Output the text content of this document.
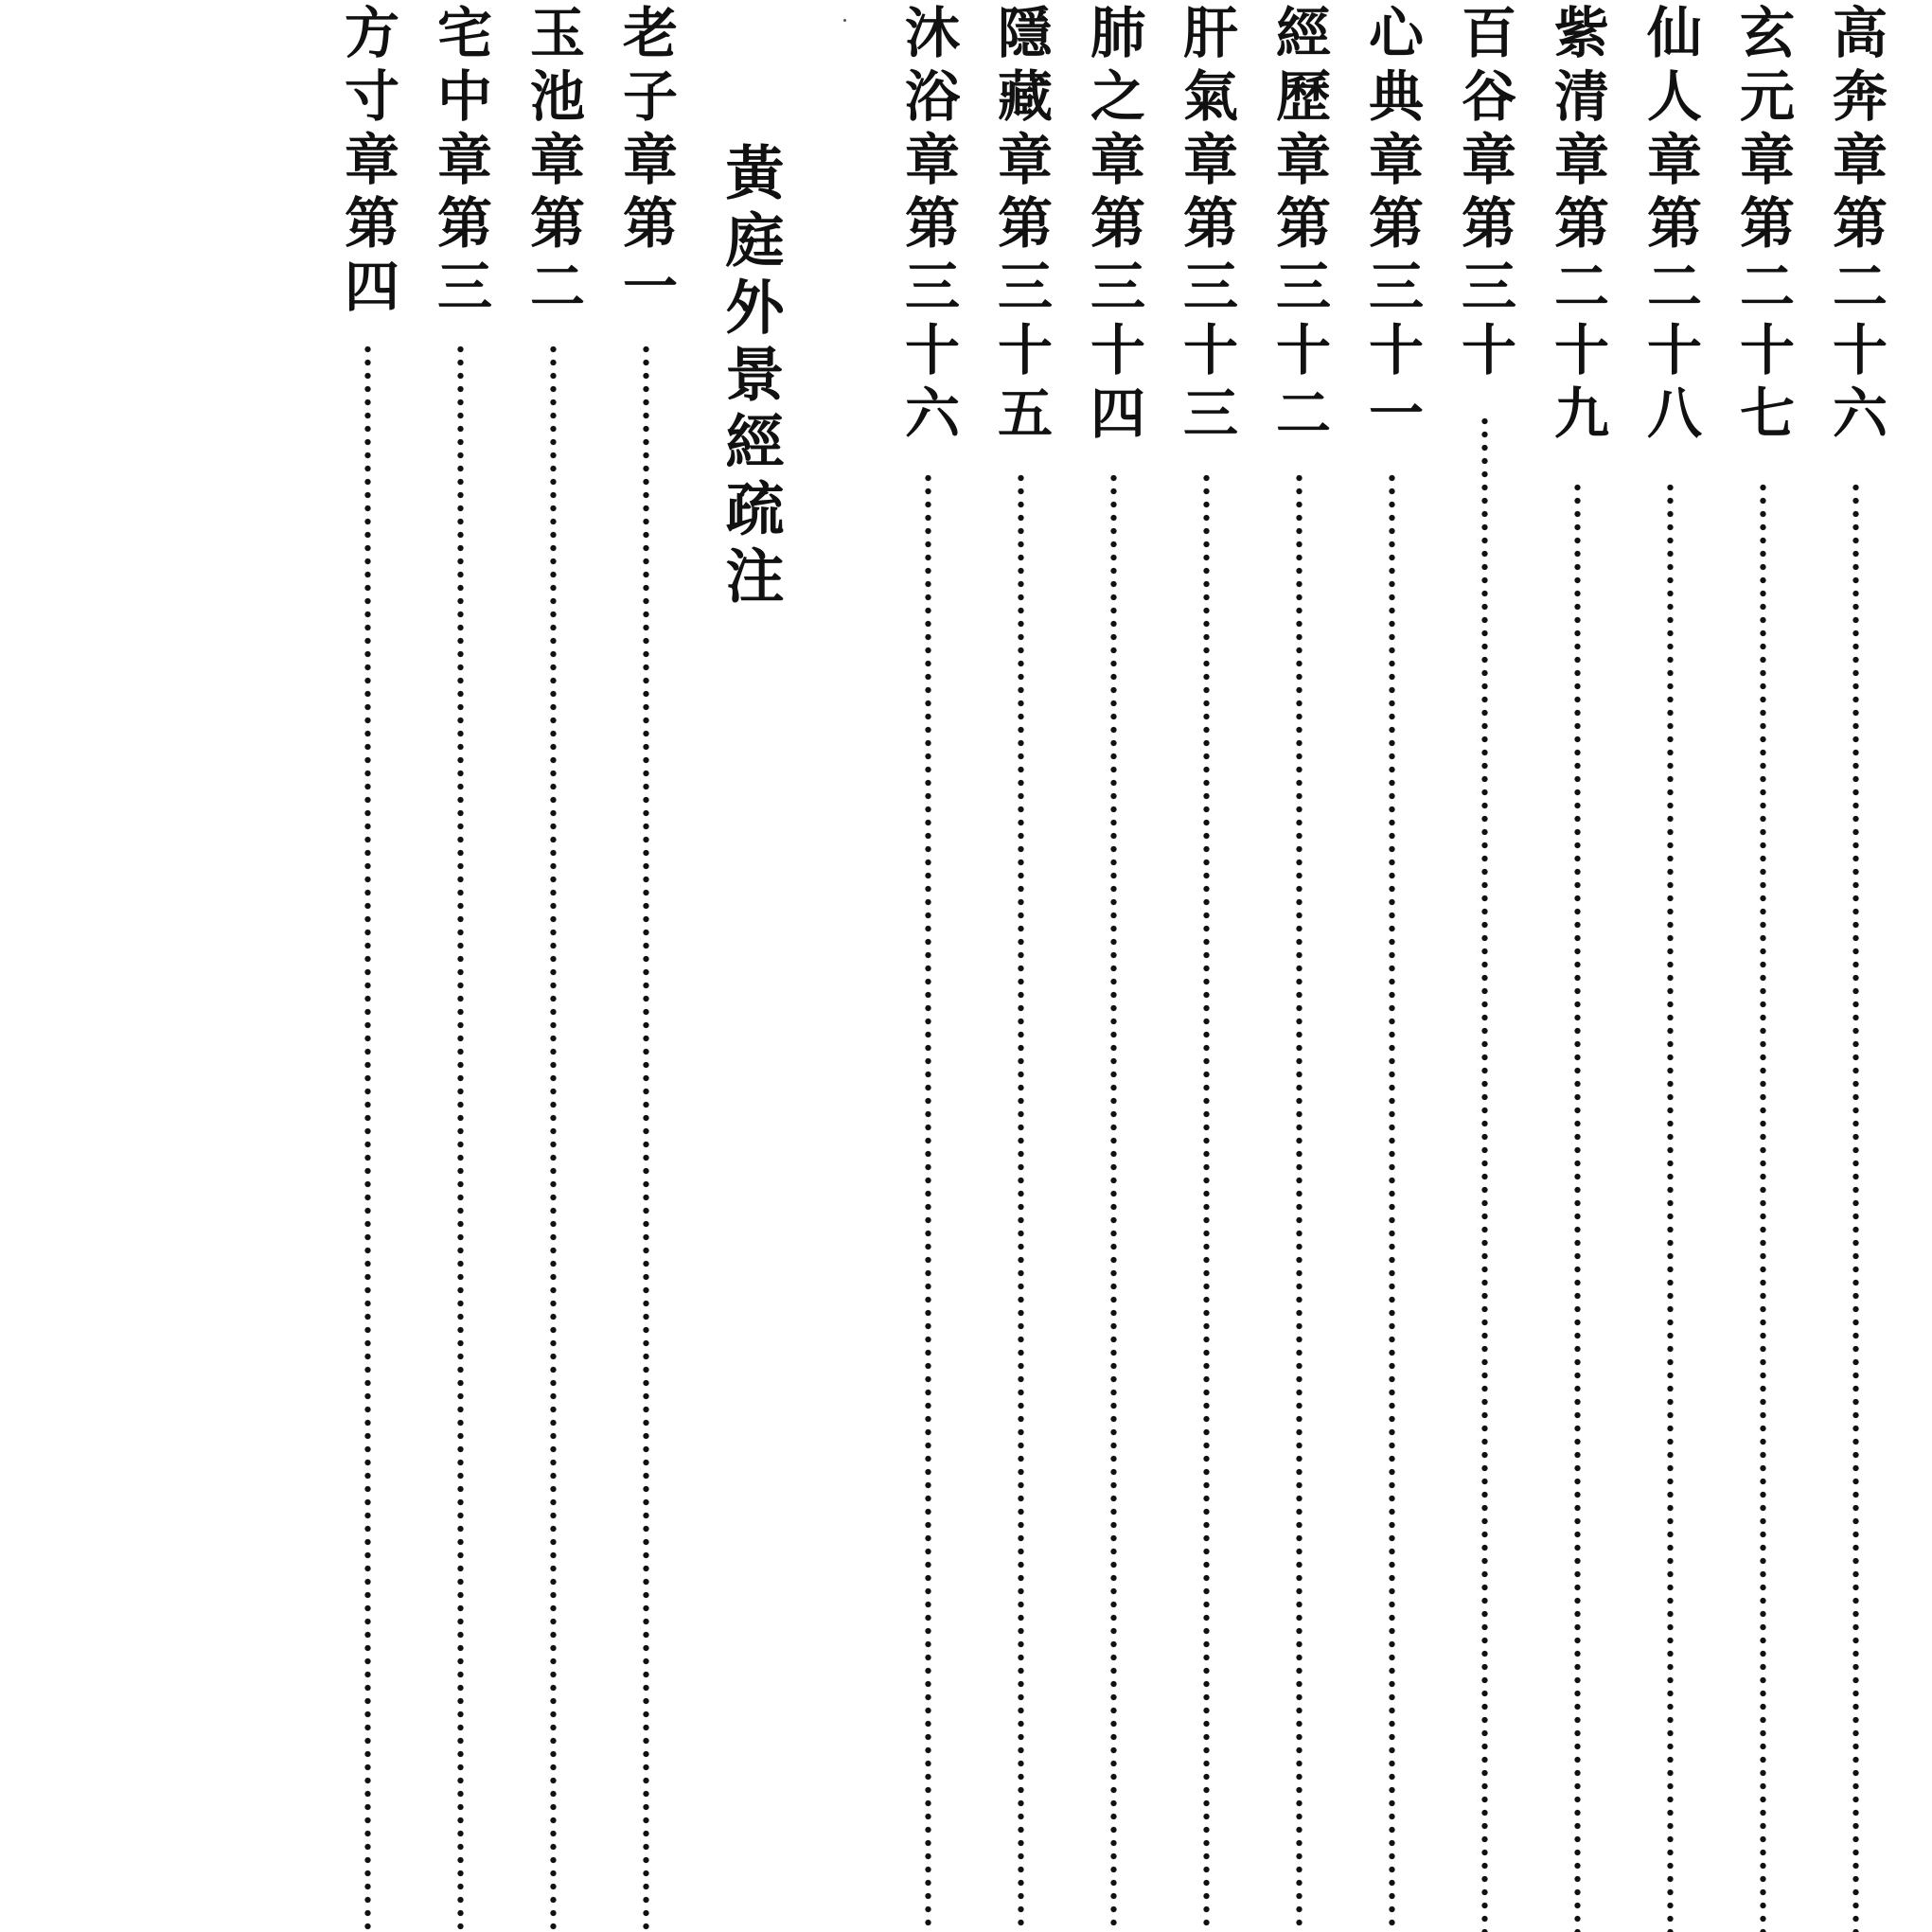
高奔章第二十六
玄元章第二十七
仙人章第二十八
紫清章第二十九
百谷章第三十
心典章第三十一
經歷章第三十二
肝氣章第三十三
肺之章第三十四
隱藏章第三十五
沐浴章第三十六
黃庭外景經疏注
老子章第一
玉池章第二
宅中章第三
方寸章第四
